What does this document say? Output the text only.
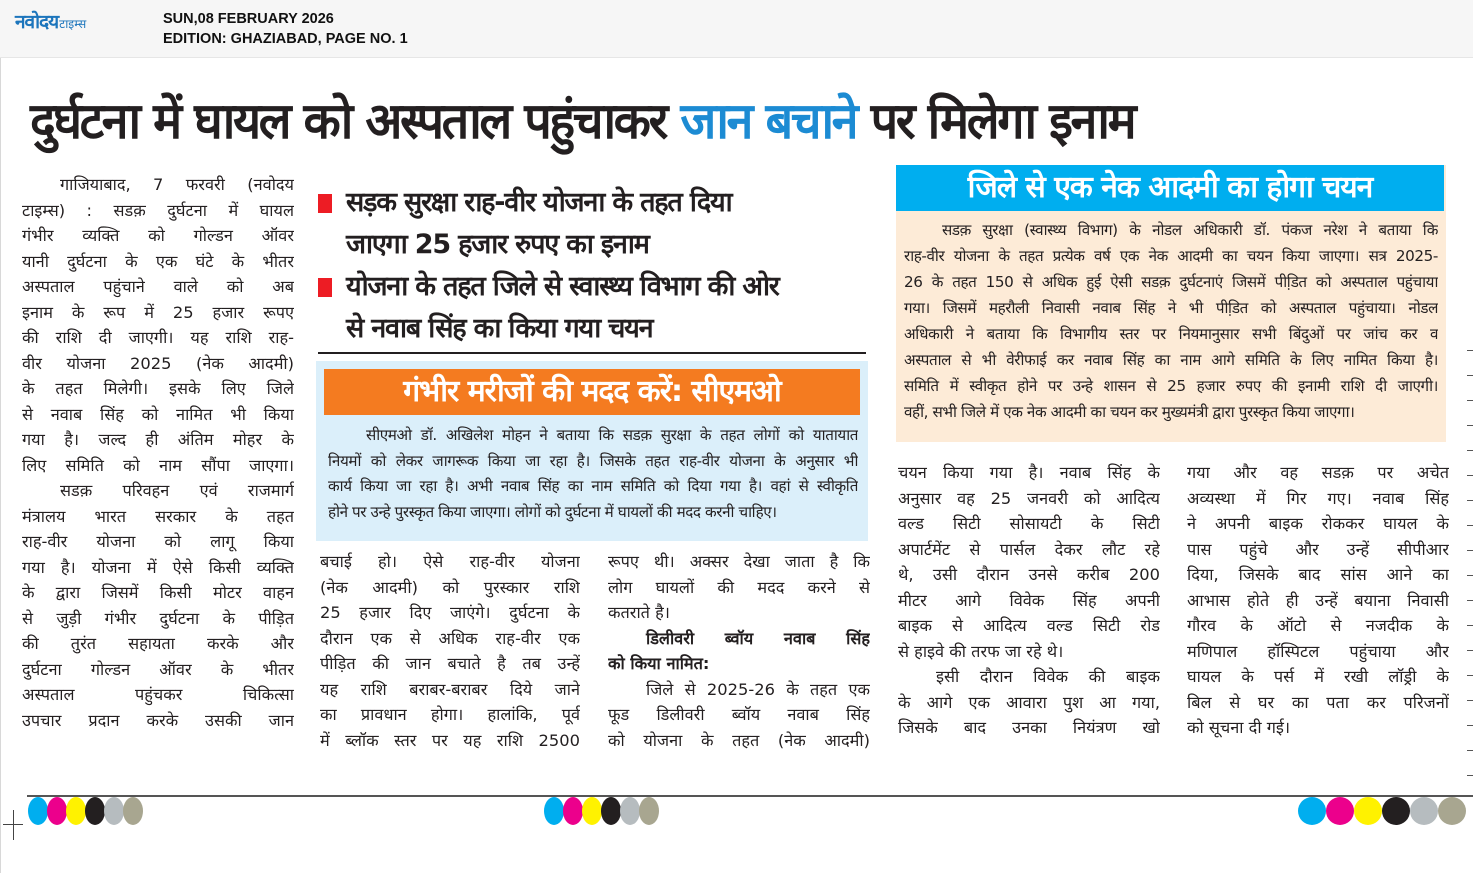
नवोदय टाइम्स	SUN,08 FEBRUARY 2026
EDITION: GHAZIABAD, PAGE NO. 1
दुर्घटना में घायल को अस्पताल पहुंचाकर जान बचाने पर मिलेगा इनाम

गाजियाबाद, 7 फरवरी (नवोदय

टाइम्स) : सडक़ दुर्घटना में घायल

गंभीर व्यक्ति को गोल्डन ऑवर

यानी दुर्घटना के एक घंटे के भीतर

अस्पताल पहुंचाने वाले को अब

इनाम के रूप में 25 हजार रूपए

की राशि दी जाएगी। यह राशि राह-

वीर योजना 2025 (नेक आदमी)

के तहत मिलेगी। इसके लिए जिले

से नवाब सिंह को नामित भी किया

गया है। जल्द ही अंतिम मोहर के

लिए समिति को नाम सौंपा जाएगा।

सडक़ परिवहन एवं राजमार्ग

मंत्रालय भारत सरकार के तहत

राह-वीर योजना को लागू किया

गया है। योजना में ऐसे किसी व्यक्ति

के द्वारा जिसमें किसी मोटर वाहन

से जुड़ी गंभीर दुर्घटना के पीड़ित

की तुरंत सहायता करके और

दुर्घटना गोल्डन ऑवर के भीतर

अस्पताल पहुंचकर चिकित्सा

उपचार प्रदान करके उसकी जान

सड़क सुरक्षा राह-वीर योजना के तहत दिया
जाएगा 25 हजार रुपए का इनाम
योजना के तहत जिले से स्वास्थ्य विभाग की ओर
से नवाब सिंह का किया गया चयन
गंभीर मरीजों की मदद करें: सीएमओ

सीएमओ डॉ. अखिलेश मोहन ने बताया कि सडक़ सुरक्षा के तहत लोगों को यातायात

नियमों को लेकर जागरूक किया जा रहा है। जिसके तहत राह-वीर योजना के अनुसार भी

कार्य किया जा रहा है। अभी नवाब सिंह का नाम समिति को दिया गया है। वहां से स्वीकृति

होने पर उन्हे पुरस्कृत किया जाएगा। लोगों को दुर्घटना में घायलों की मदद करनी चाहिए।

बचाई हो। ऐसे राह-वीर योजना

(नेक आदमी) को पुरस्कार राशि

25 हजार दिए जाएंगे। दुर्घटना के

दौरान एक से अधिक राह-वीर एक

पीड़ित की जान बचाते है तब उन्हें

यह राशि बराबर-बराबर दिये जाने

का प्रावधान होगा। हालांकि, पूर्व

में ब्लॉक स्तर पर यह राशि 2500

रूपए थी। अक्सर देखा जाता है कि

लोग घायलों की मदद करने से

कतराते है।

डिलीवरी ब्वॉय नवाब सिंह

को किया नामित:

जिले से 2025-26 के तहत एक

फूड डिलीवरी ब्वॉय नवाब सिंह

को योजना के तहत (नेक आदमी)

जिले से एक नेक आदमी का होगा चयन

सडक़ सुरक्षा (स्वास्थ्य विभाग) के नोडल अधिकारी डॉ. पंकज नरेश ने बताया कि

राह-वीर योजना के तहत प्रत्येक वर्ष एक नेक आदमी का चयन किया जाएगा। सत्र 2025-

26 के तहत 150 से अधिक हुई ऐसी सडक़ दुर्घटनाएं जिसमें पीडि़त को अस्पताल पहुंचाया

गया। जिसमें महरौली निवासी नवाब सिंह ने भी पीडि़त को अस्पताल पहुंचाया। नोडल

अधिकारी ने बताया कि विभागीय स्तर पर नियमानुसार सभी बिंदुओं पर जांच कर व

अस्पताल से भी वेरीफाई कर नवाब सिंह का नाम आगे समिति के लिए नामित किया है।

समिति में स्वीकृत होने पर उन्हे शासन से 25 हजार रुपए की इनामी राशि दी जाएगी।

वहीं, सभी जिले में एक नेक आदमी का चयन कर मुख्यमंत्री द्वारा पुरस्कृत किया जाएगा।

चयन किया गया है। नवाब सिंह के

अनुसार वह 25 जनवरी को आदित्य

वल्ड सिटी सोसायटी के सिटी

अपार्टमेंट से पार्सल देकर लौट रहे

थे, उसी दौरान उनसे करीब 200

मीटर आगे विवेक सिंह अपनी

बाइक से आदित्य वल्ड सिटी रोड

से हाइवे की तरफ जा रहे थे।

इसी दौरान विवेक की बाइक

के आगे एक आवारा पुश आ गया,

जिसके बाद उनका नियंत्रण खो

गया और वह सडक़ पर अचेत

अव्यस्था में गिर गए। नवाब सिंह

ने अपनी बाइक रोककर घायल के

पास पहुंचे और उन्हें सीपीआर

दिया, जिसके बाद सांस आने का

आभास होते ही उन्हें बयाना निवासी

गौरव के ऑटो से नजदीक के

मणिपाल हॉस्पिटल पहुंचाया और

घायल के पर्स में रखी लॉड्री के

बिल से घर का पता कर परिजनों

को सूचना दी गई।
